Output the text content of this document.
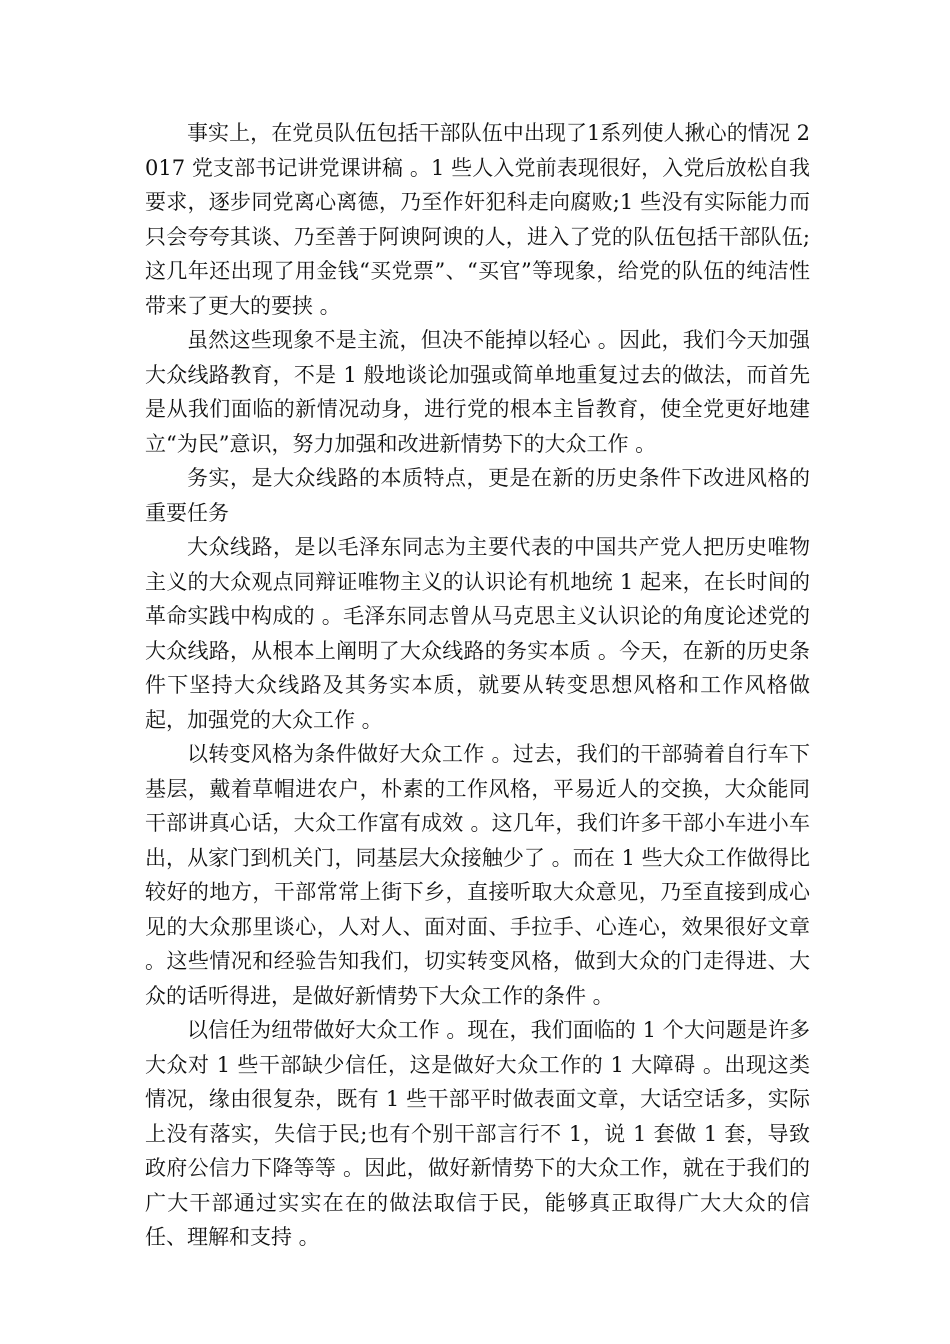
事实上，在党员队伍包括干部队伍中出现了1系列使人揪心的情况 2017 党支部书记讲党课讲稿 。1 些人入党前表现很好，入党后放松自我要求，逐步同党离心离德，乃至作奸犯科走向腐败;1 些没有实际能力而只会夸夸其谈、乃至善于阿谀阿谀的人，进入了党的队伍包括干部队伍;这几年还出现了用金钱“买党票”、“买官”等现象，给党的队伍的纯洁性带来了更大的要挟 。

虽然这些现象不是主流，但决不能掉以轻心 。因此，我们今天加强大众线路教育，不是 1 般地谈论加强或简单地重复过去的做法，而首先是从我们面临的新情况动身，进行党的根本主旨教育，使全党更好地建立“为民”意识，努力加强和改进新情势下的大众工作 。

务实，是大众线路的本质特点，更是在新的历史条件下改进风格的重要任务

大众线路，是以毛泽东同志为主要代表的中国共产党人把历史唯物主义的大众观点同辩证唯物主义的认识论有机地统 1 起来，在长时间的革命实践中构成的 。毛泽东同志曾从马克思主义认识论的角度论述党的大众线路，从根本上阐明了大众线路的务实本质 。今天，在新的历史条件下坚持大众线路及其务实本质，就要从转变思想风格和工作风格做起，加强党的大众工作 。

以转变风格为条件做好大众工作 。过去，我们的干部骑着自行车下基层，戴着草帽进农户，朴素的工作风格，平易近人的交换，大众能同干部讲真心话，大众工作富有成效 。这几年，我们许多干部小车进小车出，从家门到机关门，同基层大众接触少了 。而在 1 些大众工作做得比较好的地方，干部常常上街下乡，直接听取大众意见，乃至直接到成心见的大众那里谈心，人对人、面对面、手拉手、心连心，效果很好文章 。这些情况和经验告知我们，切实转变风格，做到大众的门走得进、大众的话听得进，是做好新情势下大众工作的条件 。

以信任为纽带做好大众工作 。现在，我们面临的 1 个大问题是许多大众对 1 些干部缺少信任，这是做好大众工作的 1 大障碍 。出现这类情况，缘由很复杂，既有 1 些干部平时做表面文章，大话空话多，实际上没有落实，失信于民;也有个别干部言行不 1，说 1 套做 1 套，导致政府公信力下降等等 。因此，做好新情势下的大众工作，就在于我们的广大干部通过实实在在的做法取信于民，能够真正取得广大大众的信任、理解和支持 。
